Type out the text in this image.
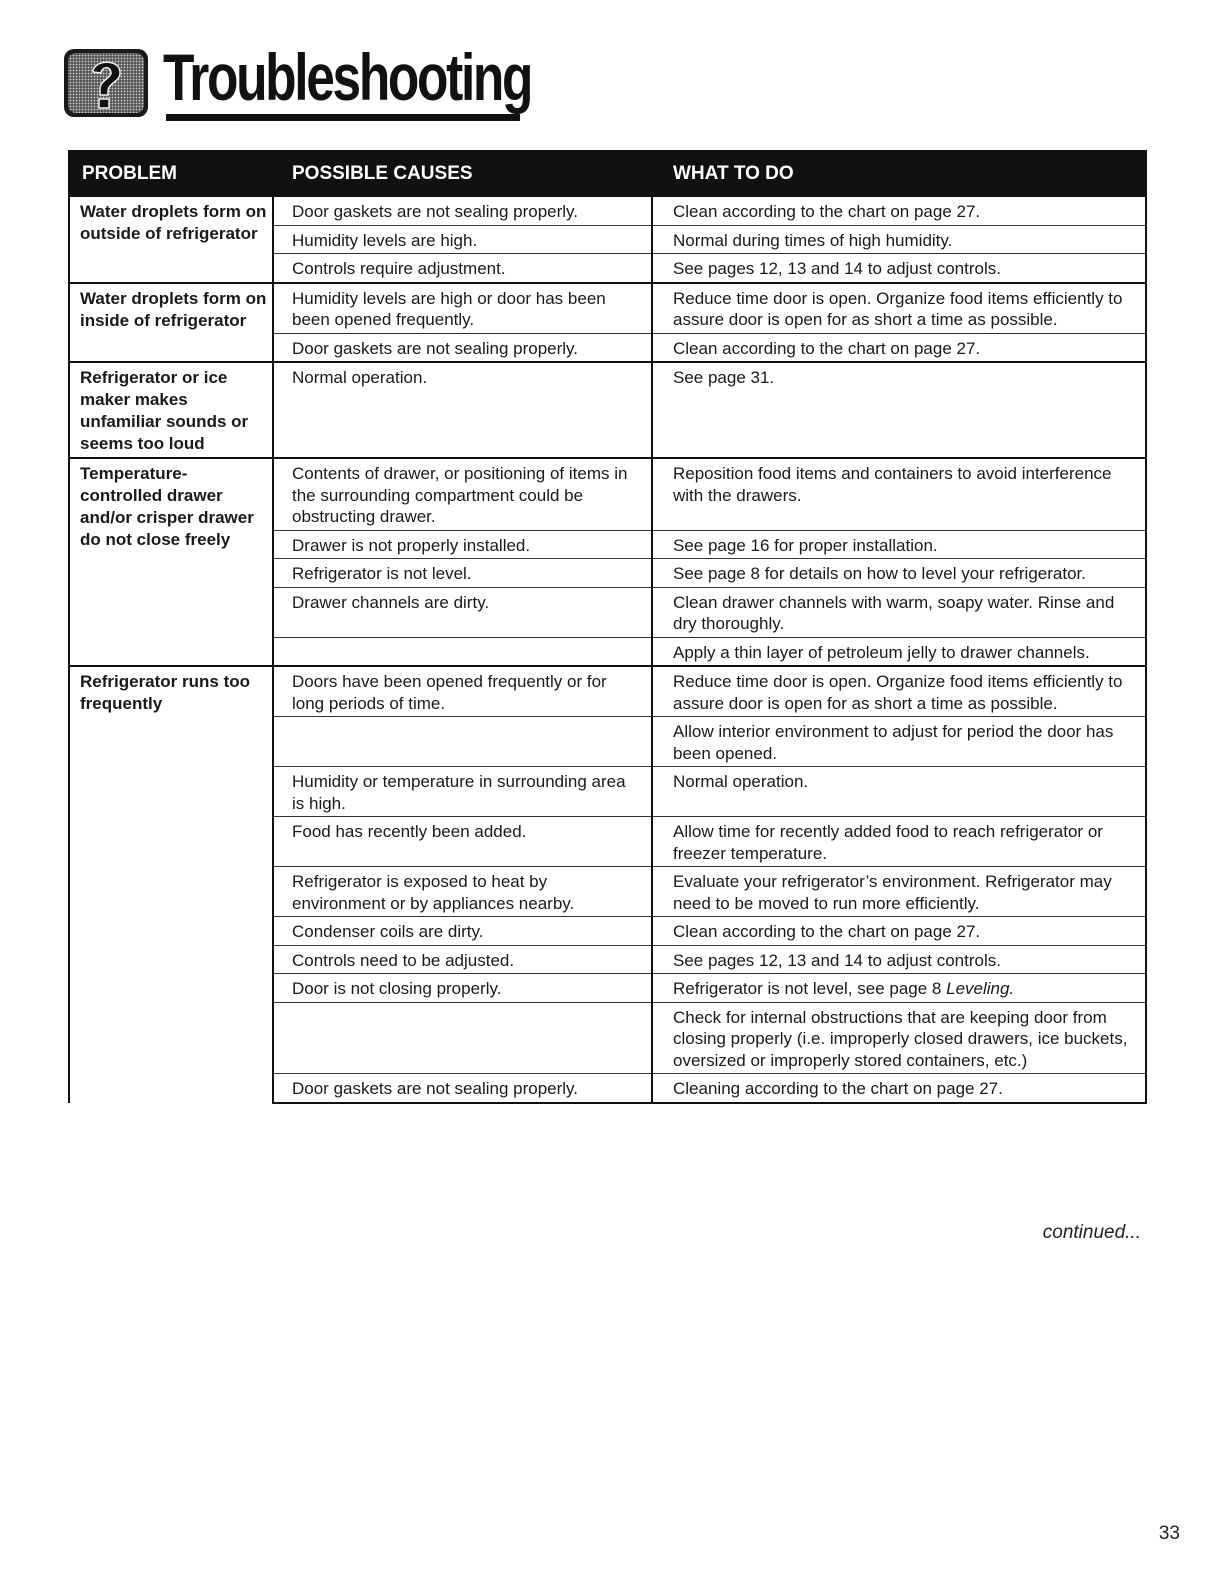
Troubleshooting
PROBLEM	POSSIBLE CAUSES	WHAT TO DO
Water droplets form on outside of refrigerator	Door gaskets are not sealing properly.	Clean according to the chart on page 27.
	Humidity levels are high.	Normal during times of high humidity.
	Controls require adjustment.	See pages 12, 13 and 14 to adjust controls.
Water droplets form on inside of refrigerator	Humidity levels are high or door has been been opened frequently.	Reduce time door is open. Organize food items efficiently to assure door is open for as short a time as possible.
	Door gaskets are not sealing properly.	Clean according to the chart on page 27.
Refrigerator or ice maker makes unfamiliar sounds or seems too loud	Normal operation.	See page 31.
Temperature-controlled drawer and/or crisper drawer do not close freely	Contents of drawer, or positioning of items in the surrounding compartment could be obstructing drawer.	Reposition food items and containers to avoid interference with the drawers.
	Drawer is not properly installed.	See page 16 for proper installation.
	Refrigerator is not level.	See page 8 for details on how to level your refrigerator.
	Drawer channels are dirty.	Clean drawer channels with warm, soapy water. Rinse and dry thoroughly.
		Apply a thin layer of petroleum jelly to drawer channels.
Refrigerator runs too frequently	Doors have been opened frequently or for long periods of time.	Reduce time door is open. Organize food items efficiently to assure door is open for as short a time as possible.
		Allow interior environment to adjust for period the door has been opened.
	Humidity or temperature in surrounding area is high.	Normal operation.
	Food has recently been added.	Allow time for recently added food to reach refrigerator or freezer temperature.
	Refrigerator is exposed to heat by environment or by appliances nearby.	Evaluate your refrigerator’s environment. Refrigerator may need to be moved to run more efficiently.
	Condenser coils are dirty.	Clean according to the chart on page 27.
	Controls need to be adjusted.	See pages 12, 13 and 14 to adjust controls.
	Door is not closing properly.	Refrigerator is not level, see page 8 Leveling.
		Check for internal obstructions that are keeping door from closing properly (i.e. improperly closed drawers, ice buckets, oversized or improperly stored containers, etc.)
	Door gaskets are not sealing properly.	Cleaning according to the chart on page 27.
continued...
33
